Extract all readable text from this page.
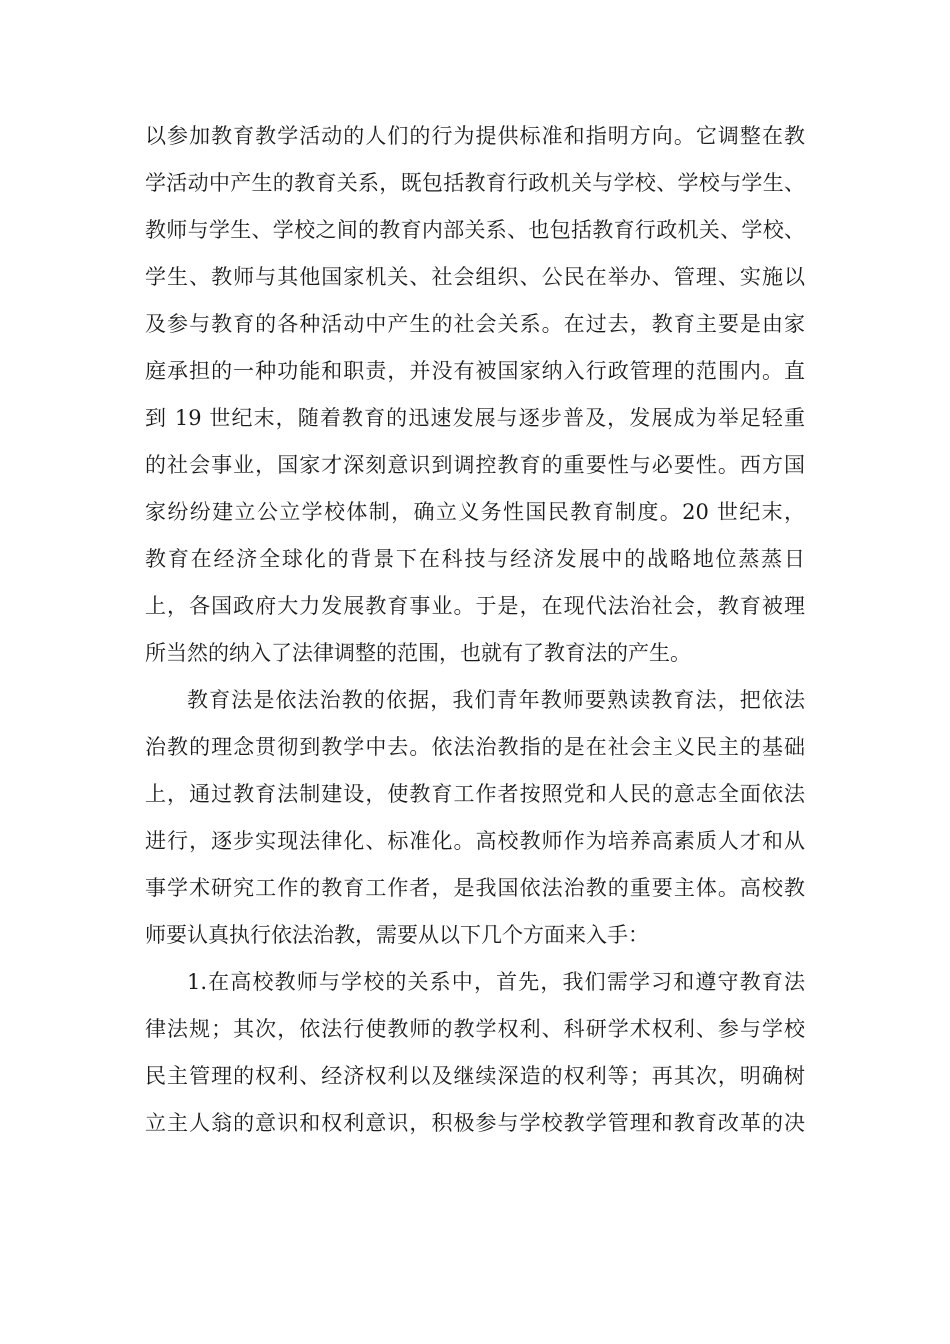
以参加教育教学活动的人们的行为提供标准和指明方向。它调整在教
学活动中产生的教育关系，既包括教育行政机关与学校、学校与学生、
教师与学生、学校之间的教育内部关系、也包括教育行政机关、学校、
学生、教师与其他国家机关、社会组织、公民在举办、管理、实施以
及参与教育的各种活动中产生的社会关系。在过去，教育主要是由家
庭承担的一种功能和职责，并没有被国家纳入行政管理的范围内。直
到 19 世纪末，随着教育的迅速发展与逐步普及，发展成为举足轻重
的社会事业，国家才深刻意识到调控教育的重要性与必要性。西方国
家纷纷建立公立学校体制，确立义务性国民教育制度。20 世纪末，
教育在经济全球化的背景下在科技与经济发展中的战略地位蒸蒸日
上，各国政府大力发展教育事业。于是，在现代法治社会，教育被理
所当然的纳入了法律调整的范围，也就有了教育法的产生。
教育法是依法治教的依据，我们青年教师要熟读教育法，把依法
治教的理念贯彻到教学中去。依法治教指的是在社会主义民主的基础
上，通过教育法制建设，使教育工作者按照党和人民的意志全面依法
进行，逐步实现法律化、标准化。高校教师作为培养高素质人才和从
事学术研究工作的教育工作者，是我国依法治教的重要主体。高校教
师要认真执行依法治教，需要从以下几个方面来入手：
1.在高校教师与学校的关系中，首先，我们需学习和遵守教育法
律法规；其次，依法行使教师的教学权利、科研学术权利、参与学校
民主管理的权利、经济权利以及继续深造的权利等；再其次，明确树
立主人翁的意识和权利意识，积极参与学校教学管理和教育改革的决
